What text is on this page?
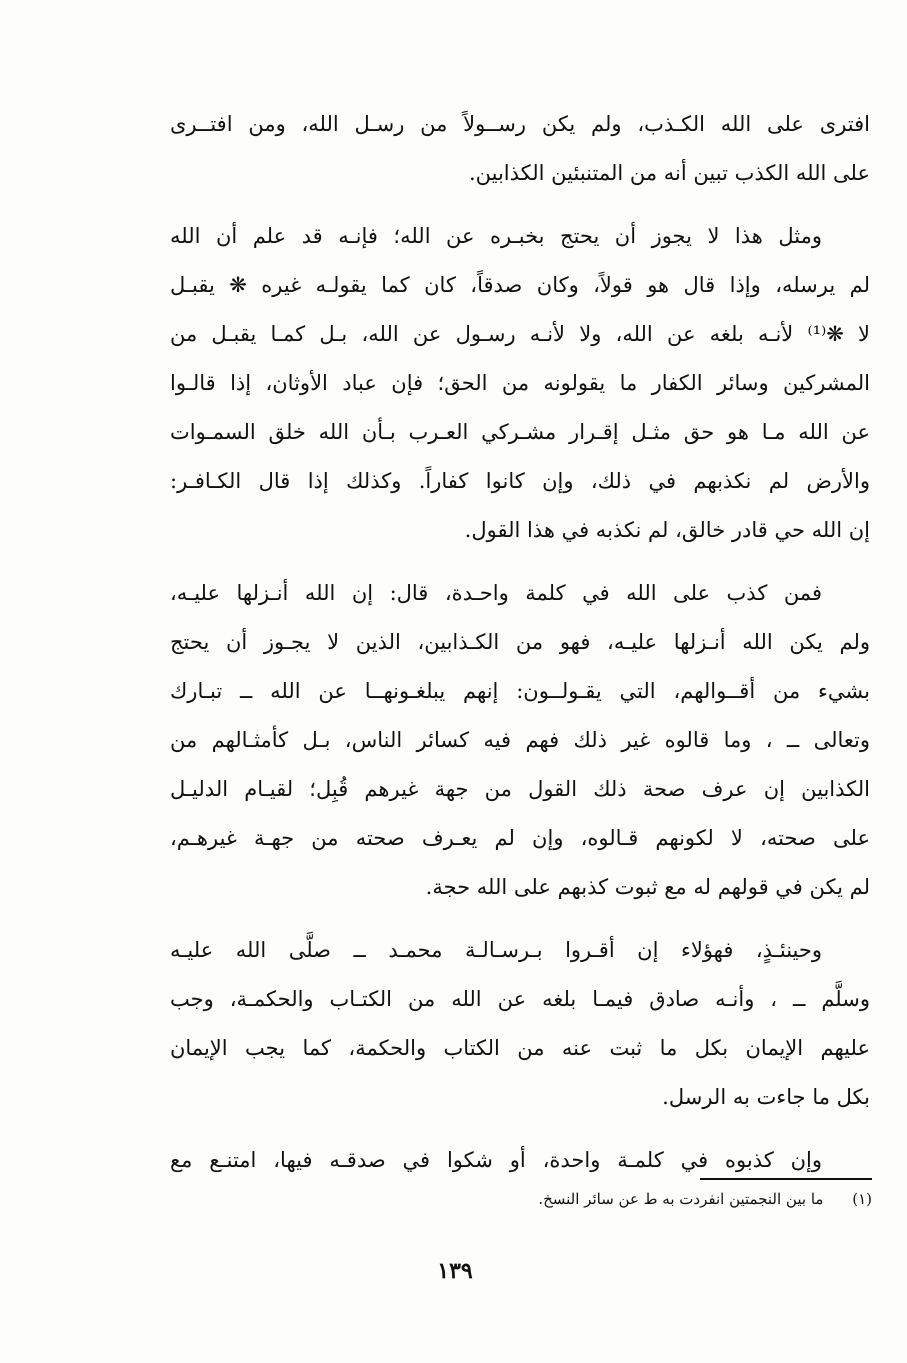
افترى على الله الكـذب، ولم يكن رســولاً من رسـل الله، ومن افتــرى
على الله الكذب تبين أنه من المتنبئين الكذابين.
ومثل هذا لا يجوز أن يحتج بخبـره عن الله؛ فإنـه قد علم أن الله
لم يرسله، وإذا قال هو قولاً، وكان صدقاً، كان كما يقولـه غيره ❋ يقبـل
لا ❋⁽¹⁾ لأنـه بلغه عن الله، ولا لأنـه رسـول عن الله، بـل كمـا يقبـل من
المشركين وسائر الكفار ما يقولونه من الحق؛ فإن عباد الأوثان، إذا قالـوا
عن الله مـا هو حق مثـل إقـرار مشـركي العـرب بـأن الله خلق السمـوات
والأرض لم نكذبهم في ذلك، وإن كانوا كفاراً. وكذلك إذا قال الكـافـر:
إن الله حي قادر خالق، لم نكذبه في هذا القول.
فمن كذب على الله في كلمة واحـدة، قال: إن الله أنـزلها عليـه،
ولم يكن الله أنـزلها عليـه، فهو من الكـذابين، الذين لا يجـوز أن يحتج
بشيء من أقــوالهم، التي يقـولــون: إنهم يبلغـونهــا عن الله ــ تبـارك
وتعالى ــ ، وما قالوه غير ذلك فهم فيه كسائر الناس، بـل كأمثـالهم من
الكذابين إن عرف صحة ذلك القول من جهة غيرهم قُبِل؛ لقيـام الدليـل
على صحته، لا لكونهم قـالوه، وإن لم يعـرف صحته من جهـة غيرهـم،
لم يكن في قولهم له مع ثبوت كذبهم على الله حجة.
وحينئـذٍ، فهؤلاء إن أقـروا بـرسـالـة محمـد ــ صلَّى الله عليـه
وسلَّم ــ ، وأنـه صادق فيمـا بلغه عن الله من الكتـاب والحكمـة، وجب
عليهم الإيمان بكل ما ثبت عنه من الكتاب والحكمة، كما يجب الإيمان
بكل ما جاءت به الرسل.
وإن كذبوه في كلمـة واحدة، أو شكوا في صدقـه فيها، امتنـع مع
(١) ما بين النجمتين انفردت به ط عن سائر النسخ.
١٣٩
